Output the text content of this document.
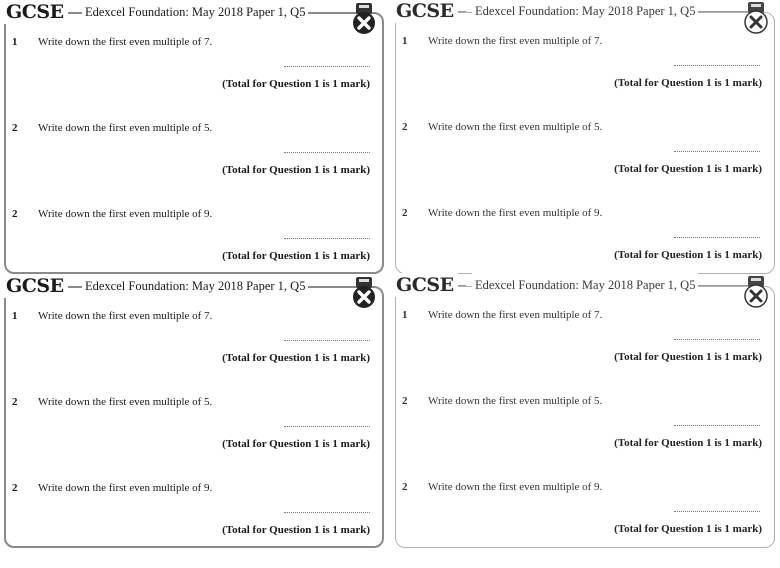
GCSE	Edexcel Foundation: May 2018 Paper 1, Q5
1 Write down the first even multiple of 7.
(Total for Question 1 is 1 mark)
2 Write down the first even multiple of 5.
(Total for Question 1 is 1 mark)
2 Write down the first even multiple of 9.
(Total for Question 1 is 1 mark)
GCSE	Edexcel Foundation: May 2018 Paper 1, Q5
1 Write down the first even multiple of 7.
(Total for Question 1 is 1 mark)
2 Write down the first even multiple of 5.
(Total for Question 1 is 1 mark)
2 Write down the first even multiple of 9.
(Total for Question 1 is 1 mark)
GCSE	Edexcel Foundation: May 2018 Paper 1, Q5
1 Write down the first even multiple of 7.
(Total for Question 1 is 1 mark)
2 Write down the first even multiple of 5.
(Total for Question 1 is 1 mark)
2 Write down the first even multiple of 9.
(Total for Question 1 is 1 mark)
GCSE	Edexcel Foundation: May 2018 Paper 1, Q5
1 Write down the first even multiple of 7.
(Total for Question 1 is 1 mark)
2 Write down the first even multiple of 5.
(Total for Question 1 is 1 mark)
2 Write down the first even multiple of 9.
(Total for Question 1 is 1 mark)
